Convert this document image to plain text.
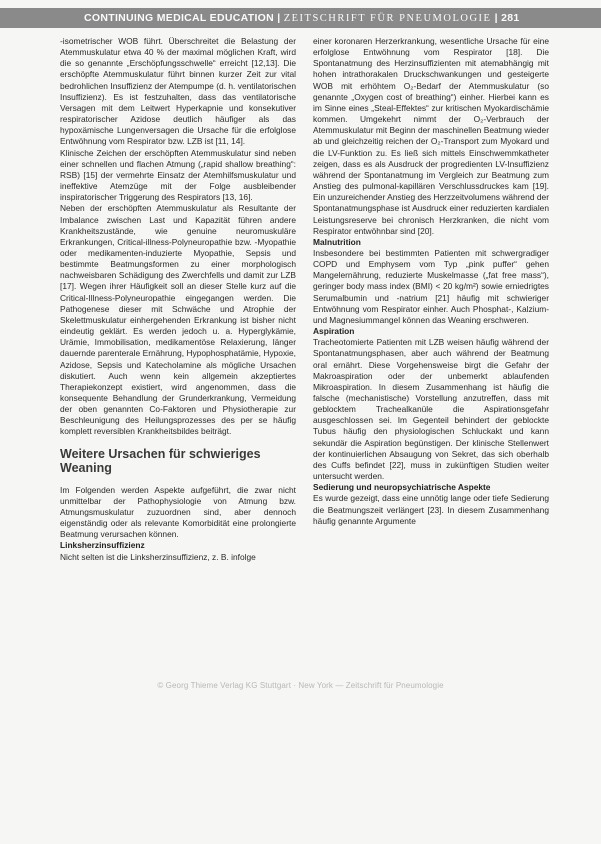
CONTINUING MEDICAL EDUCATION | ZEITSCHRIFT FÜR PNEUMOLOGIE | 281

-isometrischer WOB führt. Überschreitet die Belastung der Atemmuskulatur etwa 40 % der maximal möglichen Kraft, wird die so genannte „Erschöpfungsschwelle“ erreicht [12,13]. Die erschöpfte Atemmuskulatur führt binnen kurzer Zeit zur vital bedrohlichen Insuffizienz der Atempumpe (d. h. ventilatorischen Insuffizienz). Es ist festzuhalten, dass das ventilatorische Versagen mit dem Leitwert Hyperkapnie und konsekutiver respiratorischer Azidose deutlich häufiger als das hypoxämische Lungenversagen die Ursache für die erfolglose Entwöhnung vom Respirator bzw. LZB ist [11, 14].

Klinische Zeichen der erschöpften Atemmuskulatur sind neben einer schnellen und flachen Atmung („rapid shallow breathing“: RSB) [15] der vermehrte Einsatz der Atemhilfsmuskulatur und ineffektive Atemzüge mit der Folge ausbleibender inspiratorischer Triggerung des Respirators [13, 16].

Neben der erschöpften Atemmuskulatur als Resultante der Imbalance zwischen Last und Kapazität führen andere Krankheitszustände, wie genuine neuromuskuläre Erkrankungen, Critical-illness-Polyneuropathie bzw. -Myopathie oder medikamenten-induzierte Myopathie, Sepsis und bestimmte Beatmungsformen zu einer morphologisch nachweisbaren Schädigung des Zwerchfells und damit zur LZB [17]. Wegen ihrer Häufigkeit soll an dieser Stelle kurz auf die Critical-Illness-Polyneuropathie eingegangen werden. Die Pathogenese dieser mit Schwäche und Atrophie der Skelettmuskulatur einhergehenden Erkrankung ist bisher nicht eindeutig geklärt. Es werden jedoch u. a. Hyperglykämie, Urämie, Immobilisation, medikamentöse Relaxierung, länger dauernde parenterale Ernährung, Hypophosphatämie, Hypoxie, Azidose, Sepsis und Katecholamine als mögliche Ursachen diskutiert. Auch wenn kein allgemein akzeptiertes Therapiekonzept existiert, wird angenommen, dass die konsequente Behandlung der Grunderkrankung, Vermeidung der oben genannten Co-Faktoren und Physiotherapie zur Beschleunigung des Heilungsprozesses des per se häufig komplett reversiblen Krankheitsbildes beiträgt.

Weitere Ursachen für schwieriges Weaning

Im Folgenden werden Aspekte aufgeführt, die zwar nicht unmittelbar der Pathophysiologie von Atmung bzw. Atmungsmuskulatur zuzuordnen sind, aber dennoch eigenständig oder als relevante Komorbidität eine prolongierte Beatmung verursachen können.

Linksherzinsuffizienz

Nicht selten ist die Linksherzinsuffizienz, z. B. infolge

einer koronaren Herzerkrankung, wesentliche Ursache für eine erfolglose Entwöhnung vom Respirator [18]. Die Spontanatmung des Herzinsuffizienten mit atemabhängig mit hohen intrathorakalen Druckschwankungen und gesteigerte WOB mit erhöhtem O₂-Bedarf der Atemmuskulatur (so genannte „Oxygen cost of breathing“) einher. Hierbei kann es im Sinne eines „Steal-Effektes“ zur kritischen Myokardischämie kommen. Umgekehrt nimmt der O₂-Verbrauch der Atemmuskulatur mit Beginn der maschinellen Beatmung wieder ab und gleichzeitig reichen der O₂-Transport zum Myokard und die LV-Funktion zu. Es ließ sich mittels Einschwemmkatheter zeigen, dass es als Ausdruck der progredienten LV-Insuffizienz während der Spontanatmung im Vergleich zur Beatmung zum Anstieg des pulmonal-kapillären Verschlussdruckes kam [19]. Ein unzureichender Anstieg des Herzzeitvolumens während der Spontanatmungsphase ist Ausdruck einer reduzierten kardialen Leistungsreserve bei chronisch Herzkranken, die nicht vom Respirator entwöhnbar sind [20].

Malnutrition

Insbesondere bei bestimmten Patienten mit schwergradiger COPD und Emphysem vom Typ „pink puffer“ gehen Mangelernährung, reduzierte Muskelmasse („fat free mass“), geringer body mass index (BMI) < 20 kg/m²) sowie erniedrigtes Serumalbumin und -natrium [21] häufig mit schwieriger Entwöhnung vom Respirator einher. Auch Phosphat-, Kalzium- und Magnesiummangel können das Weaning erschweren.

Aspiration

Tracheotomierte Patienten mit LZB weisen häufig während der Spontanatmungsphasen, aber auch während der Beatmung oral ernährt. Diese Vorgehensweise birgt die Gefahr der Makroaspiration oder der unbemerkt ablaufenden Mikroaspiration. In diesem Zusammenhang ist häufig die falsche (mechanistische) Vorstellung anzutreffen, dass mit geblocktem Trachealkanüle die Aspirationsgefahr ausgeschlossen sei. Im Gegenteil behindert der geblockte Tubus häufig den physiologischen Schluckakt und kann sekundär die Aspiration begünstigen. Der klinische Stellenwert der kontinuierlichen Absaugung von Sekret, das sich oberhalb des Cuffs befindet [22], muss in zukünftigen Studien weiter untersucht werden.

Sedierung und neuropsychiatrische Aspekte

Es wurde gezeigt, dass eine unnötig lange oder tiefe Sedierung die Beatmungszeit verlängert [23]. In diesem Zusammenhang häufig genannte Argumente

© Georg Thieme Verlag KG Stuttgart · New York — Zeitschrift für Pneumologie
